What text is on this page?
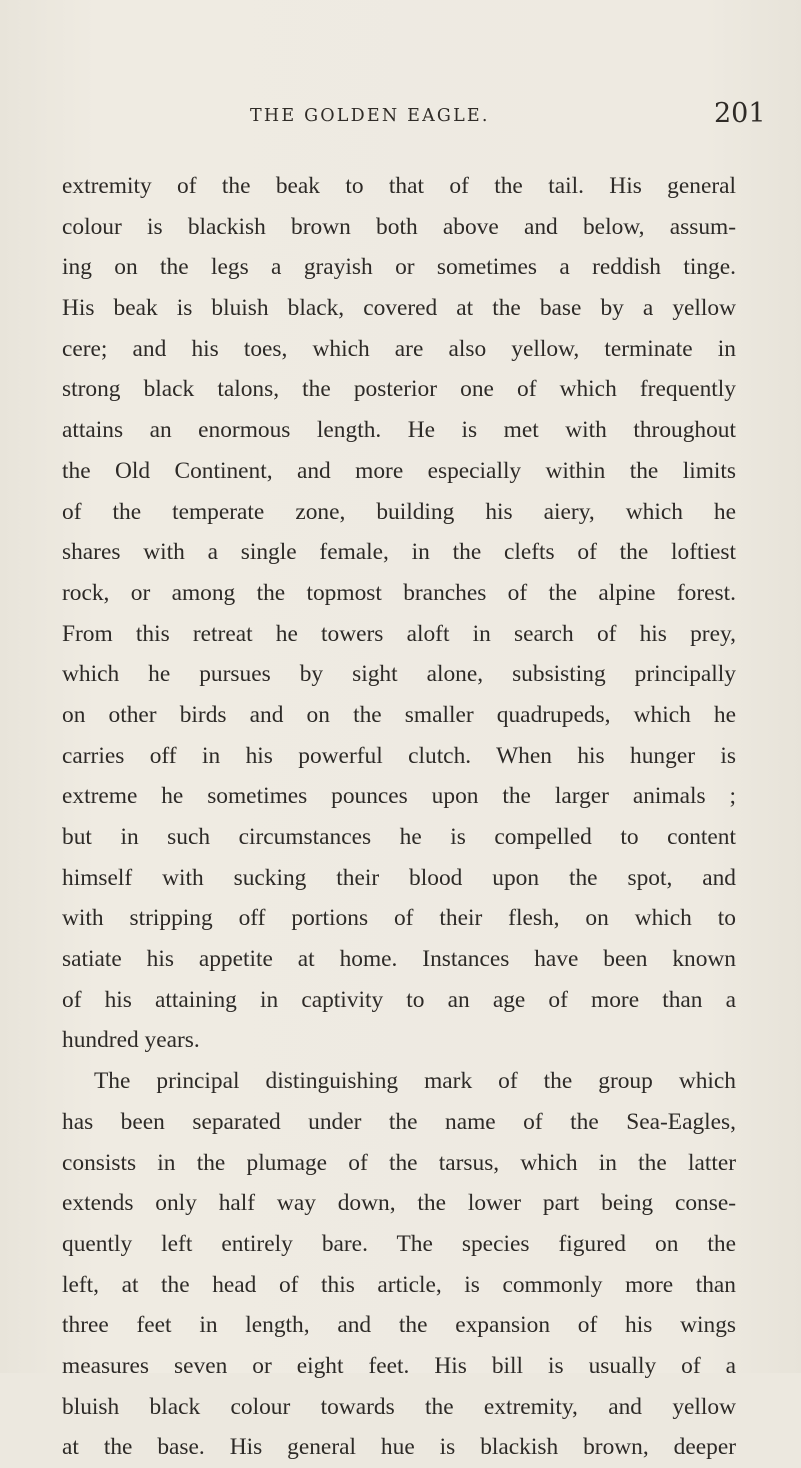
THE GOLDEN EAGLE.	201
extremity of the beak to that of the tail. His general
colour is blackish brown both above and below, assum-
ing on the legs a grayish or sometimes a reddish tinge.
His beak is bluish black, covered at the base by a yellow
cere; and his toes, which are also yellow, terminate in
strong black talons, the posterior one of which frequently
attains an enormous length. He is met with throughout
the Old Continent, and more especially within the limits
of the temperate zone, building his aiery, which he
shares with a single female, in the clefts of the loftiest
rock, or among the topmost branches of the alpine forest.
From this retreat he towers aloft in search of his prey,
which he pursues by sight alone, subsisting principally
on other birds and on the smaller quadrupeds, which he
carries off in his powerful clutch. When his hunger is
extreme he sometimes pounces upon the larger animals ;
but in such circumstances he is compelled to content
himself with sucking their blood upon the spot, and
with stripping off portions of their flesh, on which to
satiate his appetite at home. Instances have been known
of his attaining in captivity to an age of more than a
hundred years.
The principal distinguishing mark of the group which
has been separated under the name of the Sea-Eagles,
consists in the plumage of the tarsus, which in the latter
extends only half way down, the lower part being conse-
quently left entirely bare. The species figured on the
left, at the head of this article, is commonly more than
three feet in length, and the expansion of his wings
measures seven or eight feet. His bill is usually of a
bluish black colour towards the extremity, and yellow
at the base. His general hue is blackish brown, deeper
